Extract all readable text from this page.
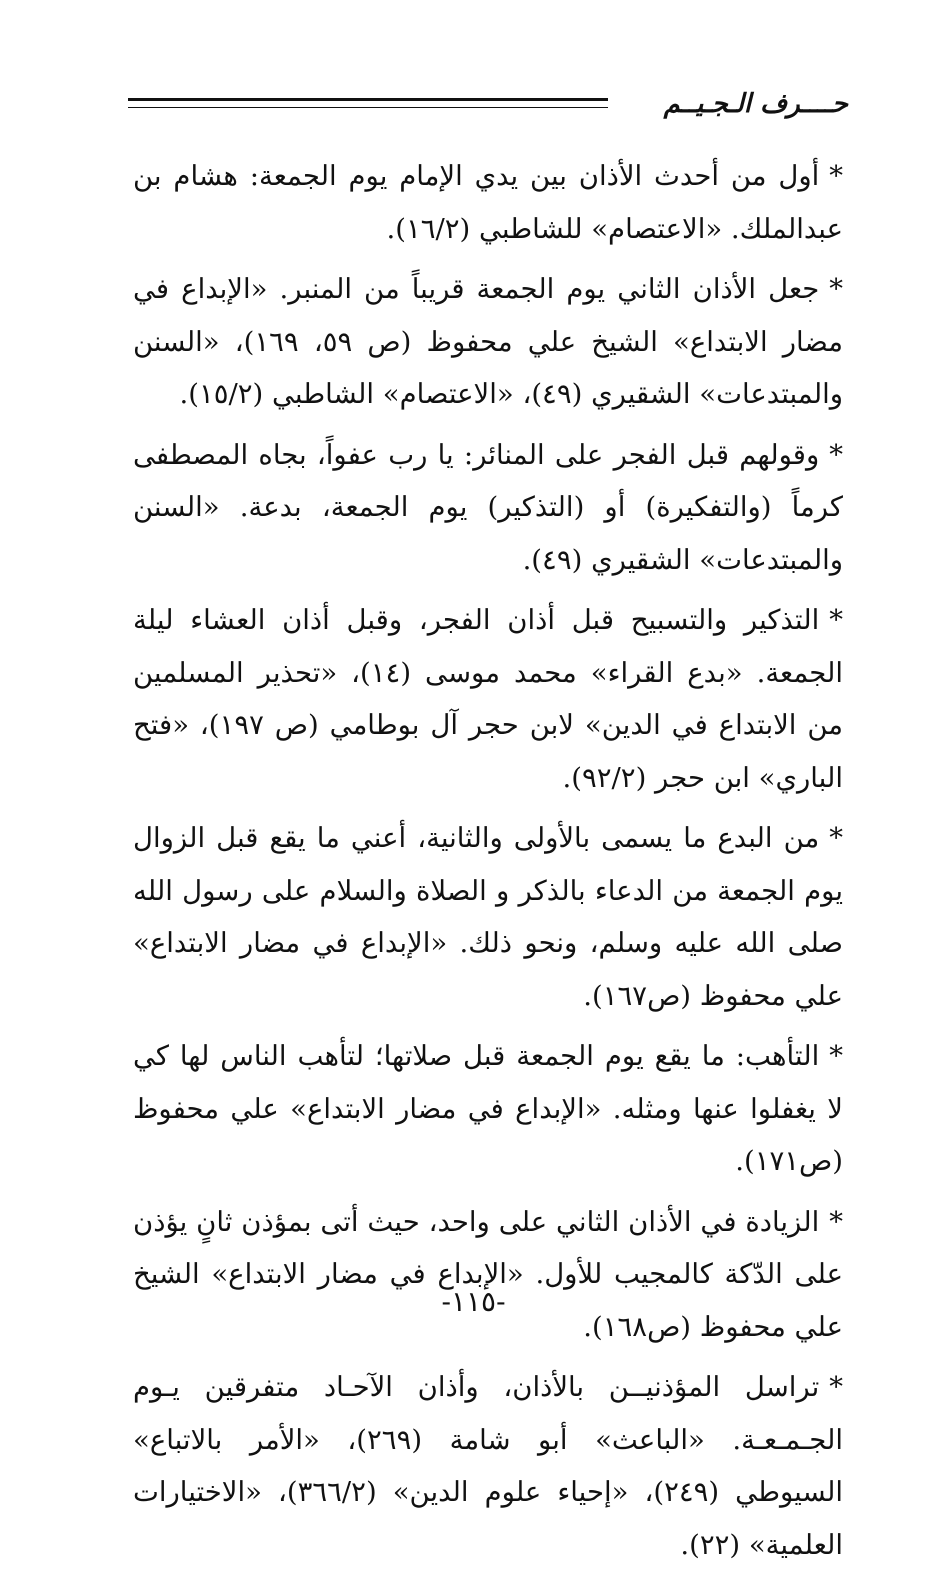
حــــرف الـجـيــم

*أول من أحدث الأذان بين يدي الإمام يوم الجمعة: هشام بن عبدالملك. «الاعتصام» للشاطبي (١٦/٢).

*جعل الأذان الثاني يوم الجمعة قريباً من المنبر. «الإبداع في مضار الابتداع» الشيخ علي محفوظ (ص ٥٩، ١٦٩)، «السنن والمبتدعات» الشقيري (٤٩)، «الاعتصام» الشاطبي (١٥/٢).

*وقولهم قبل الفجر على المنائر: يا رب عفواً، بجاه المصطفى كرماً (والتفكيرة) أو (التذكير) يوم الجمعة، بدعة. «السنن والمبتدعات» الشقيري (٤٩).

*التذكير والتسبيح قبل أذان الفجر، وقبل أذان العشاء ليلة الجمعة. «بدع القراء» محمد موسى (١٤)، «تحذير المسلمين من الابتداع في الدين» لابن حجر آل بوطامي (ص ١٩٧)، «فتح الباري» ابن حجر (٩٢/٢).

*من البدع ما يسمى بالأولى والثانية، أعني ما يقع قبل الزوال يوم الجمعة من الدعاء بالذكر و الصلاة والسلام على رسول الله صلى الله عليه وسلم، ونحو ذلك. «الإبداع في مضار الابتداع» علي محفوظ (ص١٦٧).

*التأهب: ما يقع يوم الجمعة قبل صلاتها؛ لتأهب الناس لها كي لا يغفلوا عنها ومثله. «الإبداع في مضار الابتداع» علي محفوظ (ص١٧١).

*الزيادة في الأذان الثاني على واحد، حيث أتى بمؤذن ثانٍ يؤذن على الدّكة كالمجيب للأول. «الإبداع في مضار الابتداع» الشيخ علي محفوظ (ص١٦٨).

*تراسل المؤذنيــن بالأذان، وأذان الآحـاد متفرقين يـوم الجـمـعـة. «الباعث» أبو شامة (٢٦٩)، «الأمر بالاتباع» السيوطي (٢٤٩)، «إحياء علوم الدين» (٣٦٦/٢)، «الاختيارات العلمية» (٢٢).

-١١٥-
